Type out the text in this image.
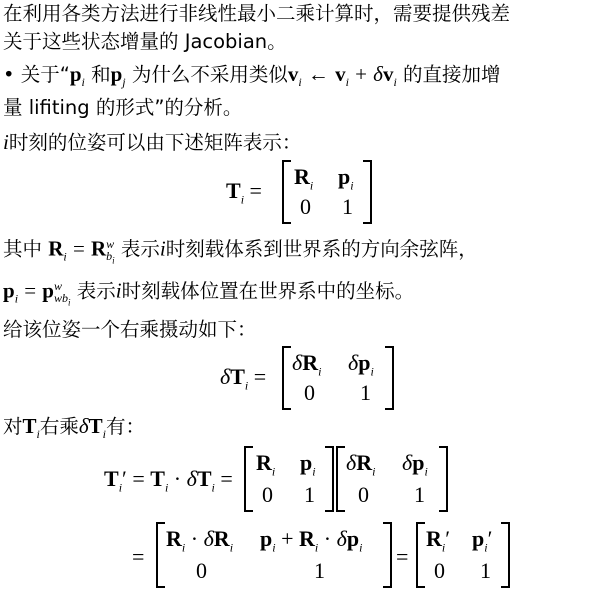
在利用各类方法进行非线性最小二乘计算时，需要提供残差
关于这些状态增量的 Jacobian。
• 关于“$p_i$ 和$p_j$ 为什么不采用类似$v_i$ ← $v_i + \delta v_i$ 的直接加增
量 lifiting 的形式”的分析。
i时刻的位姿可以由下述矩阵表示：
$T_i$ =
$R_i$ $p_i$
0 1
其中 $R_i = R^w_{b_i}$ 表示i时刻载体系到世界系的方向余弦阵，
$p_i = p^w_{wb_i}$ 表示i时刻载体位置在世界系中的坐标。
给该位姿一个右乘摄动如下：
$\delta T_i$ =
$\delta R_i$ $\delta p_i$
0 1
对$T_i$右乘$\delta T_i$有：
$T_i' = T_i \cdot \delta T_i$ =
$R_i$ $p_i$
0 1
$\delta R_i$ $\delta p_i$
0 1
=
$R_i \cdot \delta R_i$ $p_i + R_i \cdot \delta p_i$
0	1
=
$R_i'$ $p_i'$
0 1
